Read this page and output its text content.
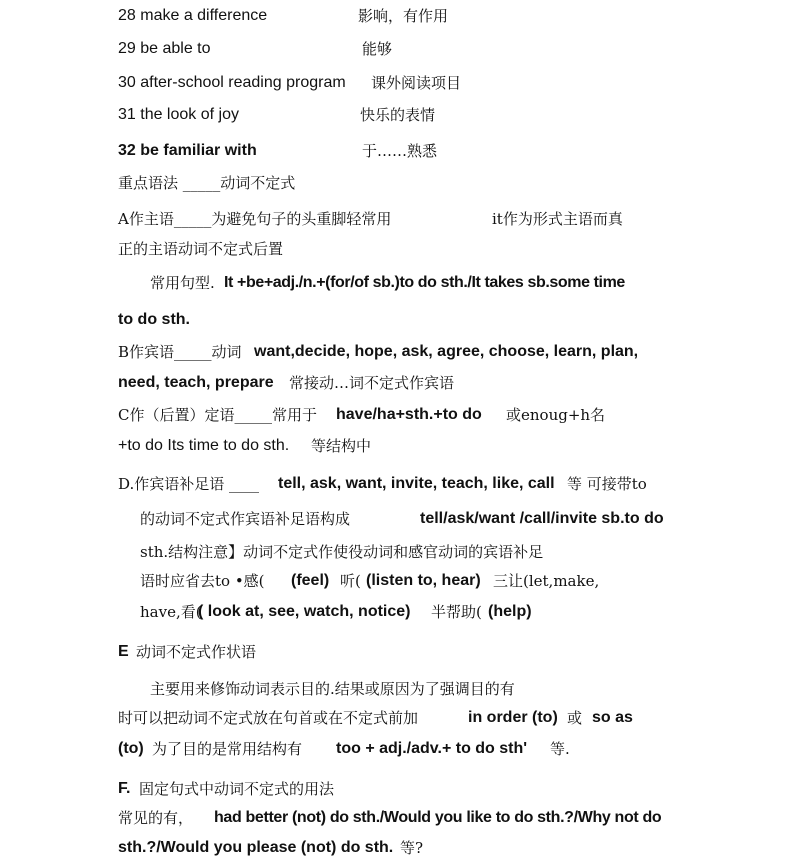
28 make a difference	影响，有作用
29 be able to	能够
30 after-school reading program 课外阅读项目
31 the look of joy	快乐的表情
32 be familiar with	于……熟悉
重点语法 _____动词不定式
A作主语_____为避免句子的头重脚轻常用	it作为形式主语而真
正的主语动词不定式后置
常用句型. It +be+adj./n.+(for/of sb.)to do sth./It takes sb.some time
to do sth.
B作宾语_____动词 want,decide, hope, ask, agree, choose, learn, plan,
need, teach, prepare 常接动…词不定式作宾语
C作（后置）定语_____常用于 have/ha+sth.+to do 或enoug+h名
+to do Its time to do sth. 等结构中
D.作宾语补足语 ____ tell, ask, want, invite, teach, like, call 等 可接带to
的动词不定式作宾语补足语构成	tell/ask/want /call/invite sb.to do
sth.结构注意】动词不定式作使役动词和感官动词的宾语补足
语时应省去to •感( (feel) 听( (listen to, hear) 三让(let,make,
have,看(
( look at, see, watch, notice) 半帮助( (help)
E 动词不定式作状语
主要用来修饰动词表示目的.结果或原因为了强调目的有
时可以把动词不定式放在句首或在不定式前加	in order (to) 或 so as
(to) 为了目的是常用结构有 too + adj./adv.+ to do sth' 等.
F. 固定句式中动词不定式的用法
常见的有， had better (not) do sth./Would you like to do sth.?/Why not do
sth.?/Would you please (not) do sth. 等?
